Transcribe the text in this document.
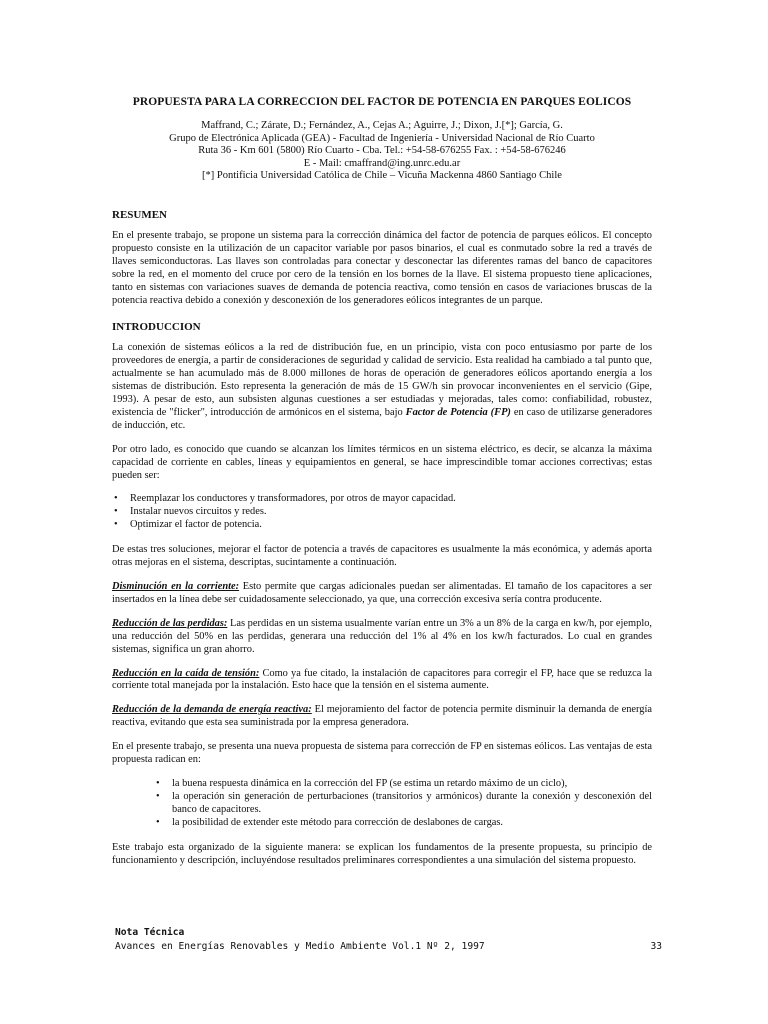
PROPUESTA PARA LA CORRECCION DEL FACTOR DE POTENCIA EN PARQUES EOLICOS
Maffrand, C.; Zárate, D.; Fernández, A., Cejas A.; Aguirre, J.; Dixon, J.[*]; García, G.
Grupo de Electrónica Aplicada (GEA) - Facultad de Ingeniería - Universidad Nacional de Río Cuarto
Ruta 36 - Km 601 (5800) Río Cuarto - Cba. Tel.: +54-58-676255 Fax. : +54-58-676246
E - Mail: cmaffrand@ing.unrc.edu.ar
[*] Pontificia Universidad Católica de Chile – Vicuña Mackenna 4860 Santiago Chile
RESUMEN

En el presente trabajo, se propone un sistema para la corrección dinámica del factor de potencia de parques eólicos. El concepto propuesto consiste en la utilización de un capacitor variable por pasos binarios, el cual es conmutado sobre la red a través de llaves semiconductoras. Las llaves son controladas para conectar y desconectar las diferentes ramas del banco de capacitores sobre la red, en el momento del cruce por cero de la tensión en los bornes de la llave. El sistema propuesto tiene aplicaciones, tanto en sistemas con variaciones suaves de demanda de potencia reactiva, como tensión en casos de variaciones bruscas de la potencia reactiva debido a conexión y desconexión de los generadores eólicos integrantes de un parque.

INTRODUCCION

La conexión de sistemas eólicos a la red de distribución fue, en un principio, vista con poco entusiasmo por parte de los proveedores de energía, a partir de consideraciones de seguridad y calidad de servicio. Esta realidad ha cambiado a tal punto que, actualmente se han acumulado más de 8.000 millones de horas de operación de generadores eólicos aportando energía a los sistemas de distribución. Esto representa la generación de más de 15 GW/h sin provocar inconvenientes en el servicio (Gipe, 1993). A pesar de esto, aun subsisten algunas cuestiones a ser estudiadas y mejoradas, tales como: confiabilidad, robustez, existencia de "flicker", introducción de armónicos en el sistema, bajo Factor de Potencia (FP) en caso de utilizarse generadores de inducción, etc.

Por otro lado, es conocido que cuando se alcanzan los límites térmicos en un sistema eléctrico, es decir, se alcanza la máxima capacidad de corriente en cables, líneas y equipamientos en general, se hace imprescindible tomar acciones correctivas; estas pueden ser:

• Reemplazar los conductores y transformadores, por otros de mayor capacidad.
• Instalar nuevos circuitos y redes.
• Optimizar el factor de potencia.

De estas tres soluciones, mejorar el factor de potencia a través de capacitores es usualmente la más económica, y además aporta otras mejoras en el sistema, descriptas, sucintamente a continuación.

Disminución en la corriente: Esto permite que cargas adicionales puedan ser alimentadas. El tamaño de los capacitores a ser insertados en la línea debe ser cuidadosamente seleccionado, ya que, una corrección excesiva sería contra producente.

Reducción de las perdidas: Las perdidas en un sistema usualmente varían entre un 3% a un 8% de la carga en kw/h, por ejemplo, una reducción del 50% en las perdidas, generara una reducción del 1% al 4% en los kw/h facturados. Lo cual en grandes sistemas, significa un gran ahorro.

Reducción en la caída de tensión: Como ya fue citado, la instalación de capacitores para corregir el FP, hace que se reduzca la corriente total manejada por la instalación. Esto hace que la tensión en el sistema aumente.

Reducción de la demanda de energía reactiva: El mejoramiento del factor de potencia permite disminuir la demanda de energía reactiva, evitando que esta sea suministrada por la empresa generadora.

En el presente trabajo, se presenta una nueva propuesta de sistema para corrección de FP en sistemas eólicos. Las ventajas de esta propuesta radican en:

• la buena respuesta dinámica en la corrección del FP (se estima un retardo máximo de un ciclo),
• la operación sin generación de perturbaciones (transitorios y armónicos) durante la conexión y desconexión del banco de capacitores.
• la posibilidad de extender este método para corrección de deslabones de cargas.

Este trabajo esta organizado de la siguiente manera: se explican los fundamentos de la presente propuesta, su principio de funcionamiento y descripción, incluyéndose resultados preliminares correspondientes a una simulación del sistema propuesto.

Nota Técnica
Avances en Energías Renovables y Medio Ambiente Vol.1 Nº 2, 1997	33
